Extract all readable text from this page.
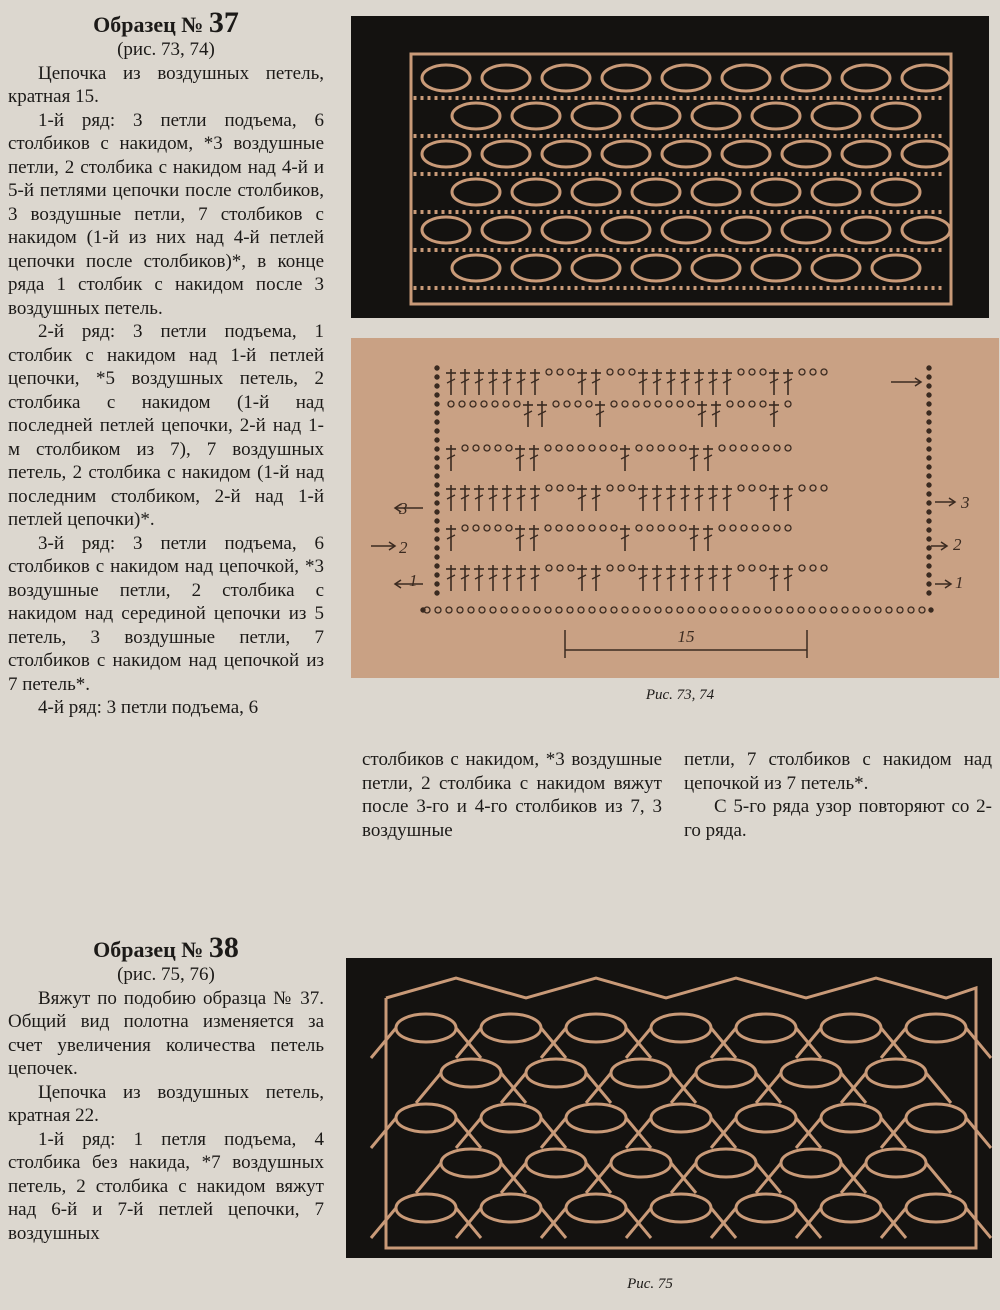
Образец № 37

(рис. 73, 74)

Цепочка из воздушных петель, кратная 15.

1-й ряд: 3 петли подъема, 6 столбиков с накидом, *3 воздушные петли, 2 столбика с накидом над 4-й и 5-й петлями цепочки после столбиков, 3 воздушные петли, 7 столбиков с накидом (1-й из них над 4-й петлей цепочки после столбиков)*, в конце ряда 1 столбик с накидом после 3 воздушных петель.

2-й ряд: 3 петли подъема, 1 столбик с накидом над 1-й петлей цепочки, *5 воздушных петель, 2 столбика с накидом (1-й над последней петлей цепочки, 2-й над 1-м столбиком из 7), 7 воздушных петель, 2 столбика с накидом (1-й над последним столбиком, 2-й над 1-й петлей цепочки)*.

3-й ряд: 3 петли подъема, 6 столбиков с накидом над цепочкой, *3 воздушные петли, 2 столбика с накидом над серединой цепочки из 5 петель, 3 воздушные петли, 7 столбиков с накидом над цепочкой из 7 петель*.

4-й ряд: 3 петли подъема, 6

Образец № 38

(рис. 75, 76)

Вяжут по подобию образца № 37. Общий вид полотна изменяется за счет увеличения количества петель цепочек.

Цепочка из воздушных петель, кратная 22.

1-й ряд: 1 петля подъема, 4 столбика без накида, *7 воздушных петель, 2 столбика с накидом вяжут над 6-й и 7-й петлей цепочки, 7 воздушных

15
3
2
1
3
2
1
Рис. 73, 74

столбиков с накидом, *3 воздушные петли, 2 столбика с накидом вяжут после 3-го и 4-го столбиков из 7, 3 воздушные

петли, 7 столбиков с накидом над цепочкой из 7 петель*.

С 5-го ряда узор повторяют со 2-го ряда.

Рис. 75
